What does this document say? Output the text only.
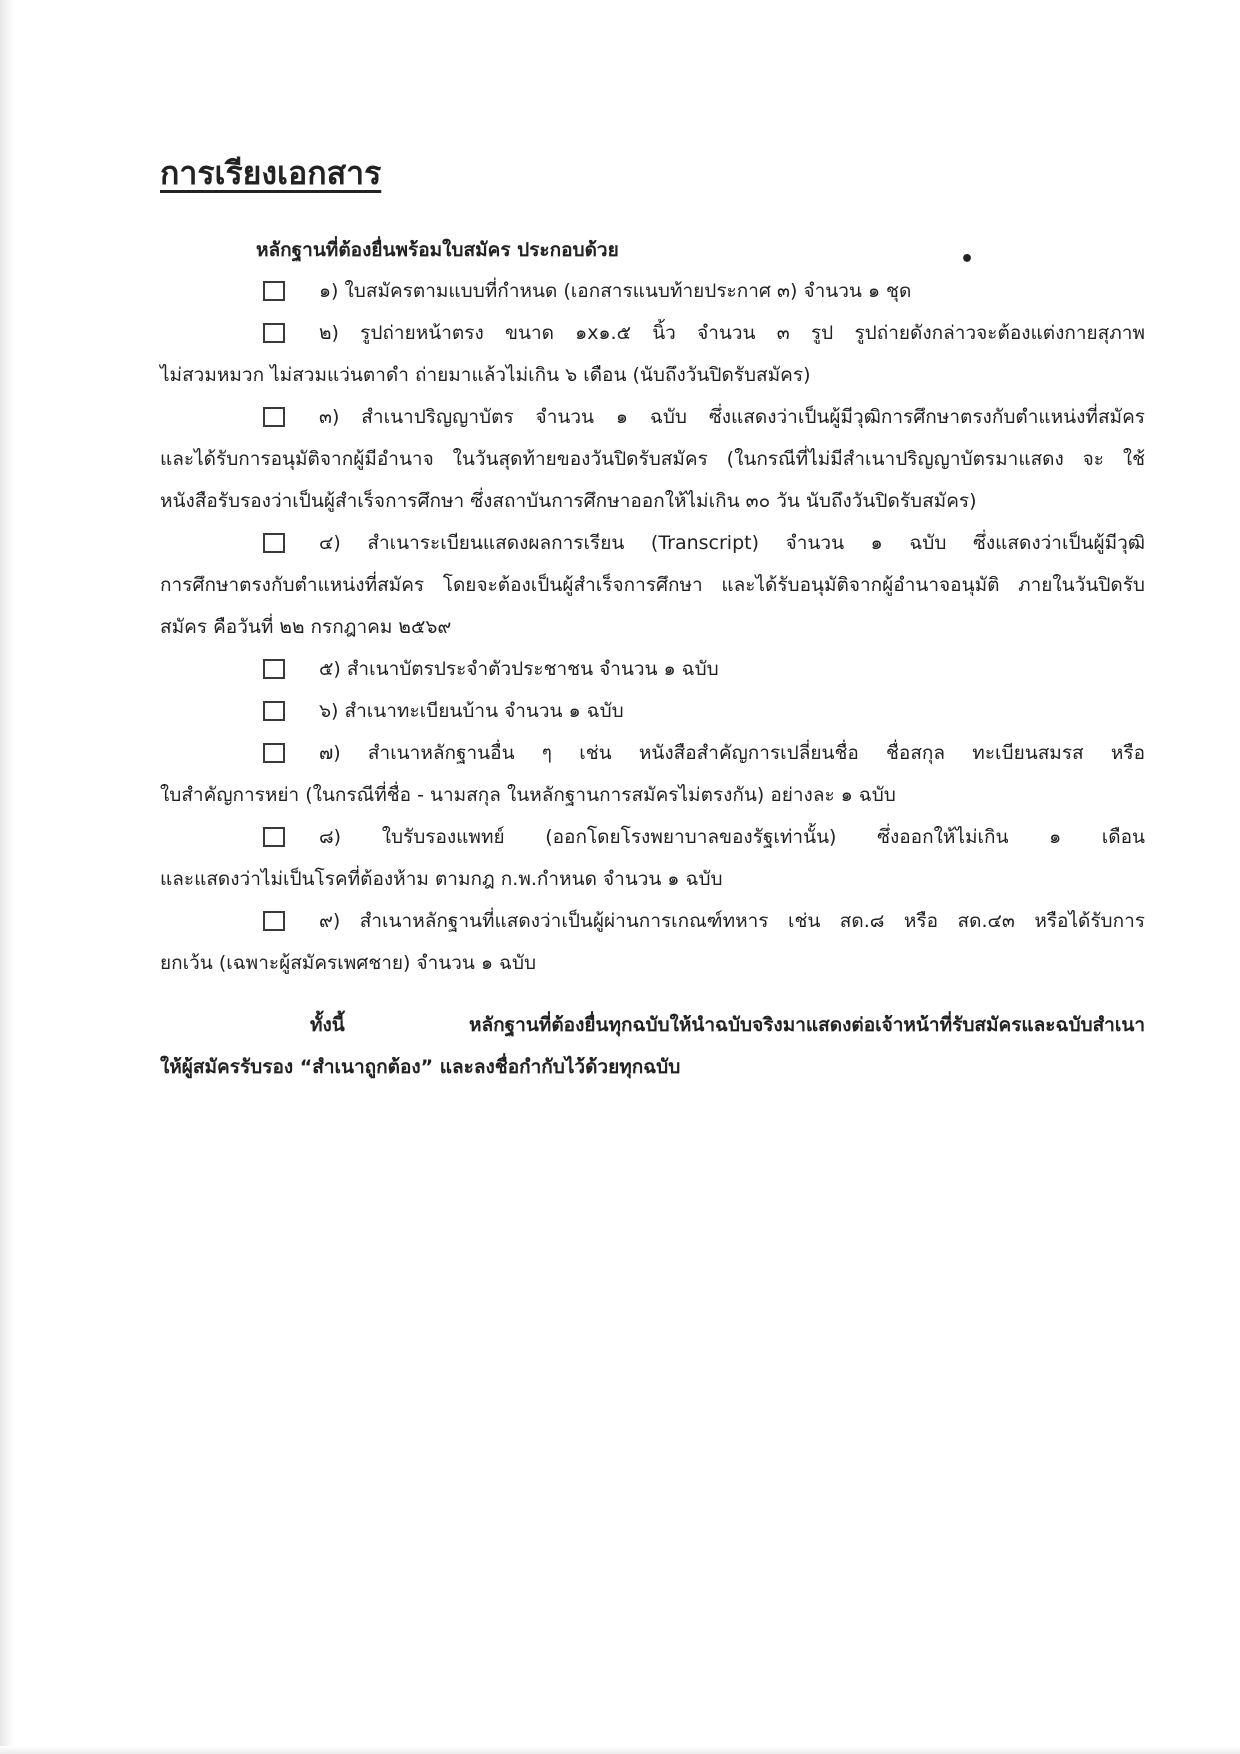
การเรียงเอกสาร
หลักฐานที่ต้องยื่นพร้อมใบสมัคร ประกอบด้วย	•
๑) ใบสมัครตามแบบที่กำหนด (เอกสารแนบท้ายประกาศ ๓) จำนวน ๑ ชุด
๒) รูปถ่ายหน้าตรง ขนาด ๑x๑.๕ นิ้ว จำนวน ๓ รูป รูปถ่ายดังกล่าวจะต้องแต่งกายสุภาพ

ไม่สวมหมวก ไม่สวมแว่นตาดำ ถ่ายมาแล้วไม่เกิน ๖ เดือน (นับถึงวันปิดรับสมัคร)

๓) สำเนาปริญญาบัตร จำนวน ๑ ฉบับ ซึ่งแสดงว่าเป็นผู้มีวุฒิการศึกษาตรงกับตำแหน่งที่สมัคร

และได้รับการอนุมัติจากผู้มีอำนาจ ในวันสุดท้ายของวันปิดรับสมัคร (ในกรณีที่ไม่มีสำเนาปริญญาบัตรมาแสดง จะ ใช้หนังสือรับรองว่าเป็นผู้สำเร็จการศึกษา ซึ่งสถาบันการศึกษาออกให้ไม่เกิน ๓๐ วัน นับถึงวันปิดรับสมัคร)

๔) สำเนาระเบียนแสดงผลการเรียน (Transcript) จำนวน ๑ ฉบับ ซึ่งแสดงว่าเป็นผู้มีวุฒิ

การศึกษาตรงกับตำแหน่งที่สมัคร โดยจะต้องเป็นผู้สำเร็จการศึกษา และได้รับอนุมัติจากผู้อำนาจอนุมัติ ภายในวันปิดรับสมัคร คือวันที่ ๒๒ กรกฎาคม ๒๕๖๙

๕) สำเนาบัตรประจำตัวประชาชน จำนวน ๑ ฉบับ
๖) สำเนาทะเบียนบ้าน จำนวน ๑ ฉบับ
๗) สำเนาหลักฐานอื่น ๆ เช่น หนังสือสำคัญการเปลี่ยนชื่อ ชื่อสกุล ทะเบียนสมรส หรือ

ใบสำคัญการหย่า (ในกรณีที่ชื่อ - นามสกุล ในหลักฐานการสมัครไม่ตรงกัน) อย่างละ ๑ ฉบับ

๘) ใบรับรองแพทย์ (ออกโดยโรงพยาบาลของรัฐเท่านั้น) ซึ่งออกให้ไม่เกิน ๑ เดือน

และแสดงว่าไม่เป็นโรคที่ต้องห้าม ตามกฎ ก.พ.กำหนด จำนวน ๑ ฉบับ

๙) สำเนาหลักฐานที่แสดงว่าเป็นผู้ผ่านการเกณฑ์ทหาร เช่น สด.๘ หรือ สด.๔๓ หรือได้รับการ

ยกเว้น (เฉพาะผู้สมัครเพศชาย) จำนวน ๑ ฉบับ

ทั้งนี้ หลักฐานที่ต้องยื่นทุกฉบับให้นำฉบับจริงมาแสดงต่อเจ้าหน้าที่รับสมัครและฉบับสำเนา
ให้ผู้สมัครรับรอง “สำเนาถูกต้อง” และลงชื่อกำกับไว้ด้วยทุกฉบับ
